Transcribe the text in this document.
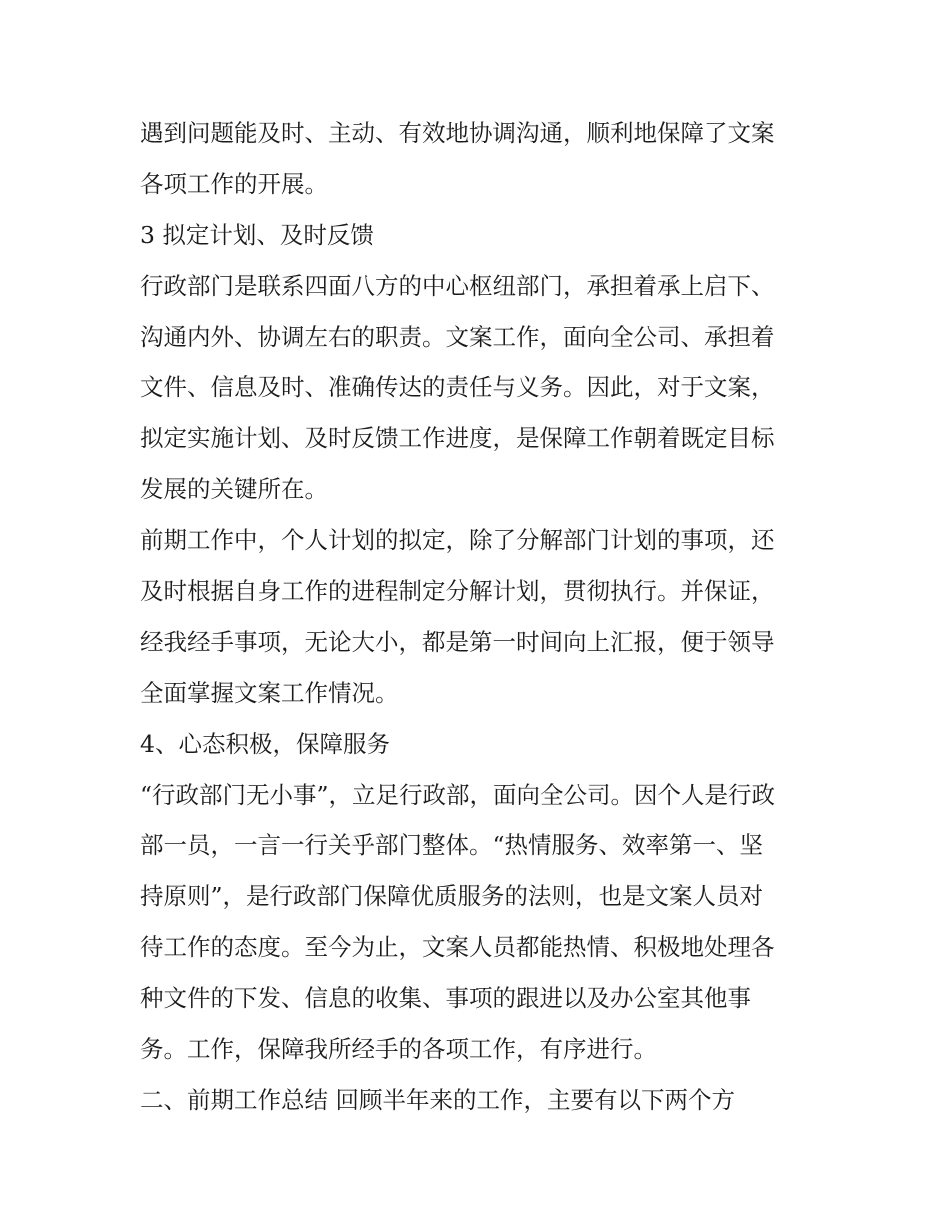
遇到问题能及时、主动、有效地协调沟通，顺利地保障了文案
各项工作的开展。
3 拟定计划、及时反馈
行政部门是联系四面八方的中心枢纽部门，承担着承上启下、
沟通内外、协调左右的职责。文案工作，面向全公司、承担着
文件、信息及时、准确传达的责任与义务。因此，对于文案，
拟定实施计划、及时反馈工作进度，是保障工作朝着既定目标
发展的关键所在。
前期工作中，个人计划的拟定，除了分解部门计划的事项，还
及时根据自身工作的进程制定分解计划，贯彻执行。并保证，
经我经手事项，无论大小，都是第一时间向上汇报，便于领导
全面掌握文案工作情况。
4、心态积极，保障服务
“行政部门无小事”，立足行政部，面向全公司。因个人是行政
部一员，一言一行关乎部门整体。“热情服务、效率第一、坚
持原则”，是行政部门保障优质服务的法则，也是文案人员对
待工作的态度。至今为止，文案人员都能热情、积极地处理各
种文件的下发、信息的收集、事项的跟进以及办公室其他事
务。工作，保障我所经手的各项工作，有序进行。
二、前期工作总结 回顾半年来的工作，主要有以下两个方
